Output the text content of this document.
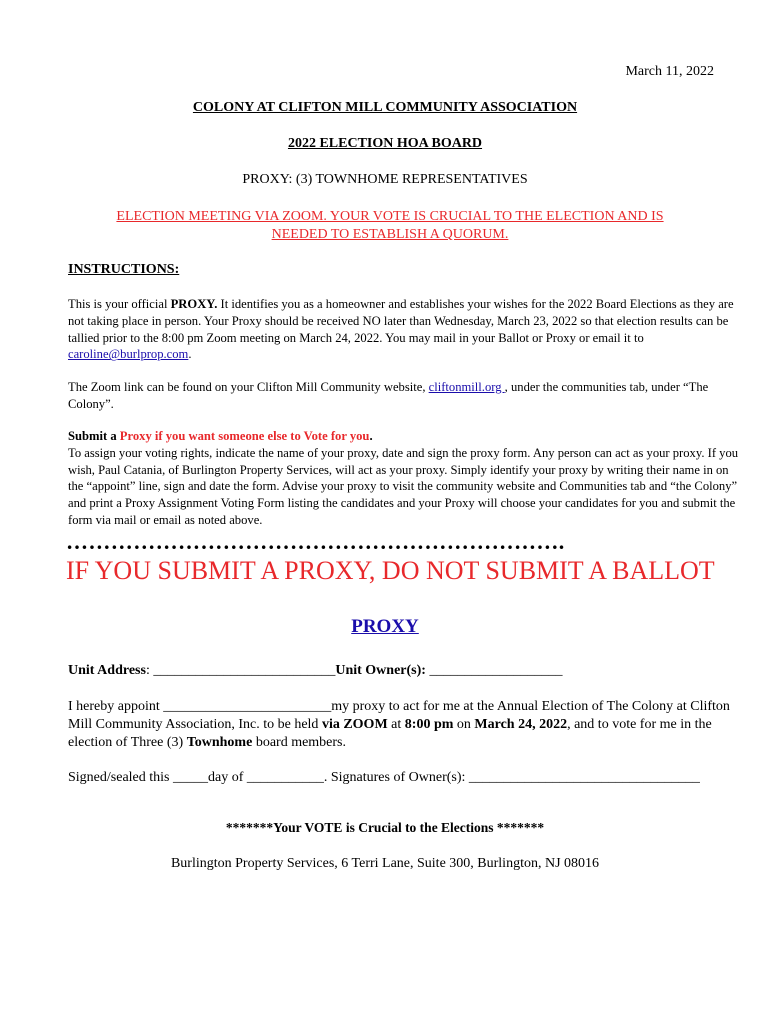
March 11, 2022
COLONY AT CLIFTON MILL COMMUNITY ASSOCIATION
2022 ELECTION HOA BOARD
PROXY: (3) TOWNHOME REPRESENTATIVES
ELECTION MEETING VIA ZOOM. YOUR VOTE IS CRUCIAL TO THE ELECTION AND IS NEEDED TO ESTABLISH A QUORUM.
INSTRUCTIONS:
This is your official PROXY. It identifies you as a homeowner and establishes your wishes for the 2022 Board Elections as they are not taking place in person. Your Proxy should be received NO later than Wednesday, March 23, 2022 so that election results can be tallied prior to the 8:00 pm Zoom meeting on March 24, 2022. You may mail in your Ballot or Proxy or email it to caroline@burlprop.com.
The Zoom link can be found on your Clifton Mill Community website, cliftonmill.org , under the communities tab, under “The Colony”.
Submit a Proxy if you want someone else to Vote for you.
To assign your voting rights, indicate the name of your proxy, date and sign the proxy form. Any person can act as your proxy. If you wish, Paul Catania, of Burlington Property Services, will act as your proxy. Simply identify your proxy by writing their name in on the “appoint” line, sign and date the form. Advise your proxy to visit the community website and Communities tab and “the Colony” and print a Proxy Assignment Voting Form listing the candidates and your Proxy will choose your candidates for you and submit the form via mail or email as noted above.
………………………………………………………….
IF YOU SUBMIT A PROXY, DO NOT SUBMIT A BALLOT
PROXY
Unit Address: __________________________Unit Owner(s): ___________________
I hereby appoint ________________________my proxy to act for me at the Annual Election of The Colony at Clifton Mill Community Association, Inc. to be held via ZOOM at 8:00 pm on March 24, 2022, and to vote for me in the election of Three (3) Townhome board members.
Signed/sealed this _____day of ___________. Signatures of Owner(s): _________________________________
*******Your VOTE is Crucial to the Elections *******
Burlington Property Services, 6 Terri Lane, Suite 300, Burlington, NJ 08016
